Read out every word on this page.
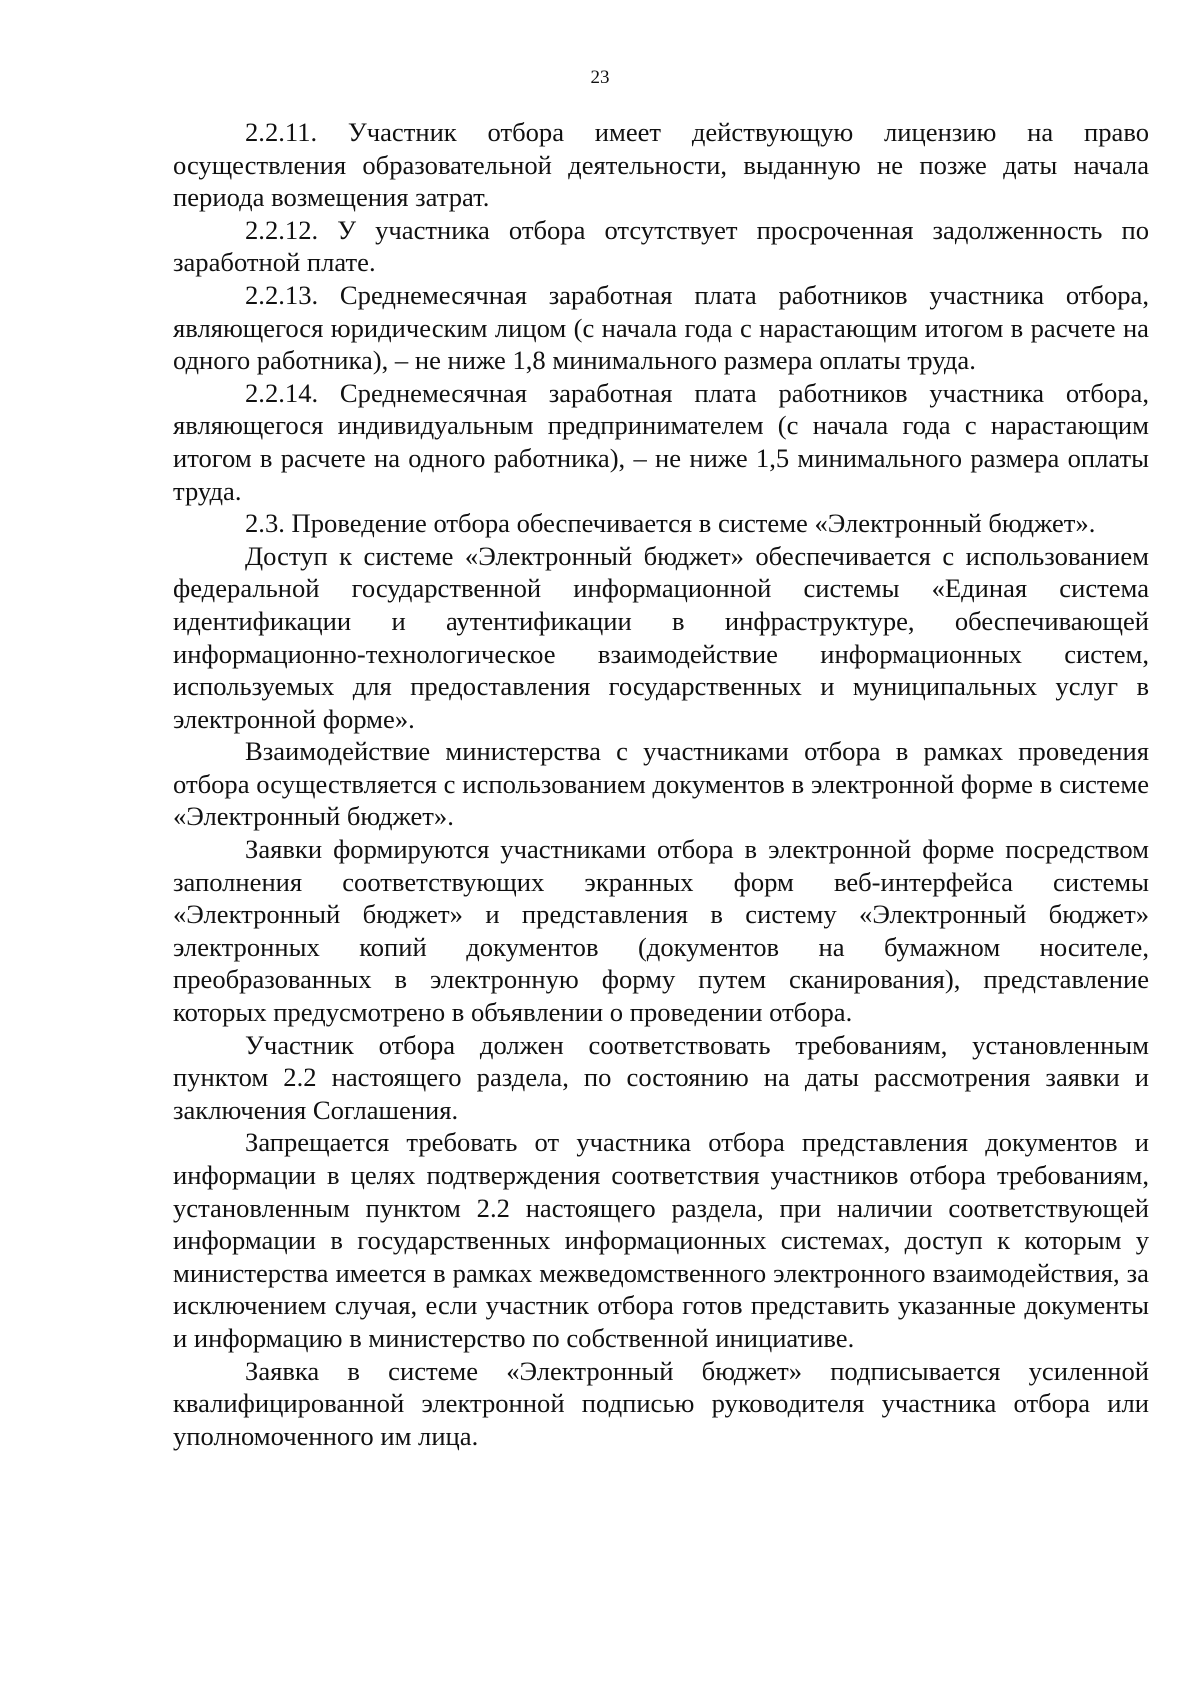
23

2.2.11. Участник отбора имеет действующую лицензию на право осуществления образовательной деятельности, выданную не позже даты начала периода возмещения затрат.

2.2.12. У участника отбора отсутствует просроченная задолженность по заработной плате.

2.2.13. Среднемесячная заработная плата работников участника отбора, являющегося юридическим лицом (с начала года с нарастающим итогом в расчете на одного работника), – не ниже 1,8 минимального размера оплаты труда.

2.2.14. Среднемесячная заработная плата работников участника отбора, являющегося индивидуальным предпринимателем (с начала года с нарастающим итогом в расчете на одного работника), – не ниже 1,5 минимального размера оплаты труда.

2.3. Проведение отбора обеспечивается в системе «Электронный бюджет».

Доступ к системе «Электронный бюджет» обеспечивается с использованием федеральной государственной информационной системы «Единая система идентификации и аутентификации в инфраструктуре, обеспечивающей информационно-технологическое взаимодействие информационных систем, используемых для предоставления государственных и муниципальных услуг в электронной форме».

Взаимодействие министерства с участниками отбора в рамках проведения отбора осуществляется с использованием документов в электронной форме в системе «Электронный бюджет».

Заявки формируются участниками отбора в электронной форме посредством заполнения соответствующих экранных форм веб-интерфейса системы «Электронный бюджет» и представления в систему «Электронный бюджет» электронных копий документов (документов на бумажном носителе, преобразованных в электронную форму путем сканирования), представление которых предусмотрено в объявлении о проведении отбора.

Участник отбора должен соответствовать требованиям, установленным пунктом 2.2 настоящего раздела, по состоянию на даты рассмотрения заявки и заключения Соглашения.

Запрещается требовать от участника отбора представления документов и информации в целях подтверждения соответствия участников отбора требованиям, установленным пунктом 2.2 настоящего раздела, при наличии соответствующей информации в государственных информационных системах, доступ к которым у министерства имеется в рамках межведомственного электронного взаимодействия, за исключением случая, если участник отбора готов представить указанные документы и информацию в министерство по собственной инициативе.

Заявка в системе «Электронный бюджет» подписывается усиленной квалифицированной электронной подписью руководителя участника отбора или уполномоченного им лица.
